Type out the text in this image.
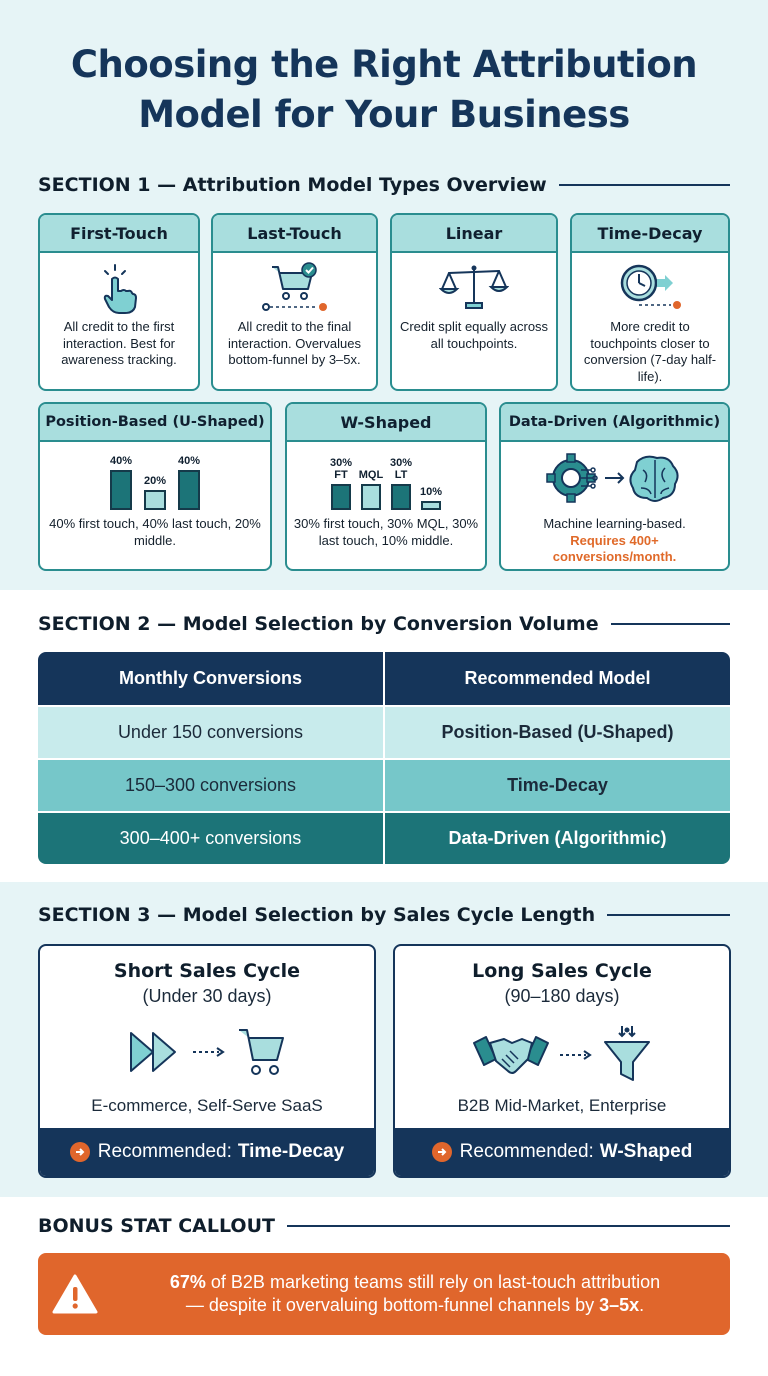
Choosing the Right Attribution
Model for Your Business
SECTION 1 — Attribution Model Types Overview
First-Touch
All credit to the first interaction. Best for awareness tracking.
Last-Touch
All credit to the final interaction. Overvalues bottom-funnel by 3–5x.
Linear
Credit split equally across all touchpoints.
Time-Decay
More credit to touchpoints closer to conversion (7-day half-life).
Position-Based (U-Shaped)
40%
20%
40%
40% first touch, 40% last touch, 20% middle.
W-Shaped
30%
FT	MQL
30%
LT
10%
30% first touch, 30% MQL, 30% last touch, 10% middle.
Data-Driven (Algorithmic)
Machine learning-based.
Requires 400+ conversions/month.
SECTION 2 — Model Selection by Conversion Volume
Monthly Conversions	Recommended Model
Under 150 conversions	Position-Based (U-Shaped)
150–300 conversions	Time-Decay
300–400+ conversions	Data-Driven (Algorithmic)
SECTION 3 — Model Selection by Sales Cycle Length
Short Sales Cycle
(Under 30 days)
E-commerce, Self-Serve SaaS
Recommended: Time-Decay
Long Sales Cycle
(90–180 days)
B2B Mid-Market, Enterprise
Recommended: W-Shaped
BONUS STAT CALLOUT
67% of B2B marketing teams still rely on last-touch attribution
— despite it overvaluing bottom-funnel channels by 3–5x.
